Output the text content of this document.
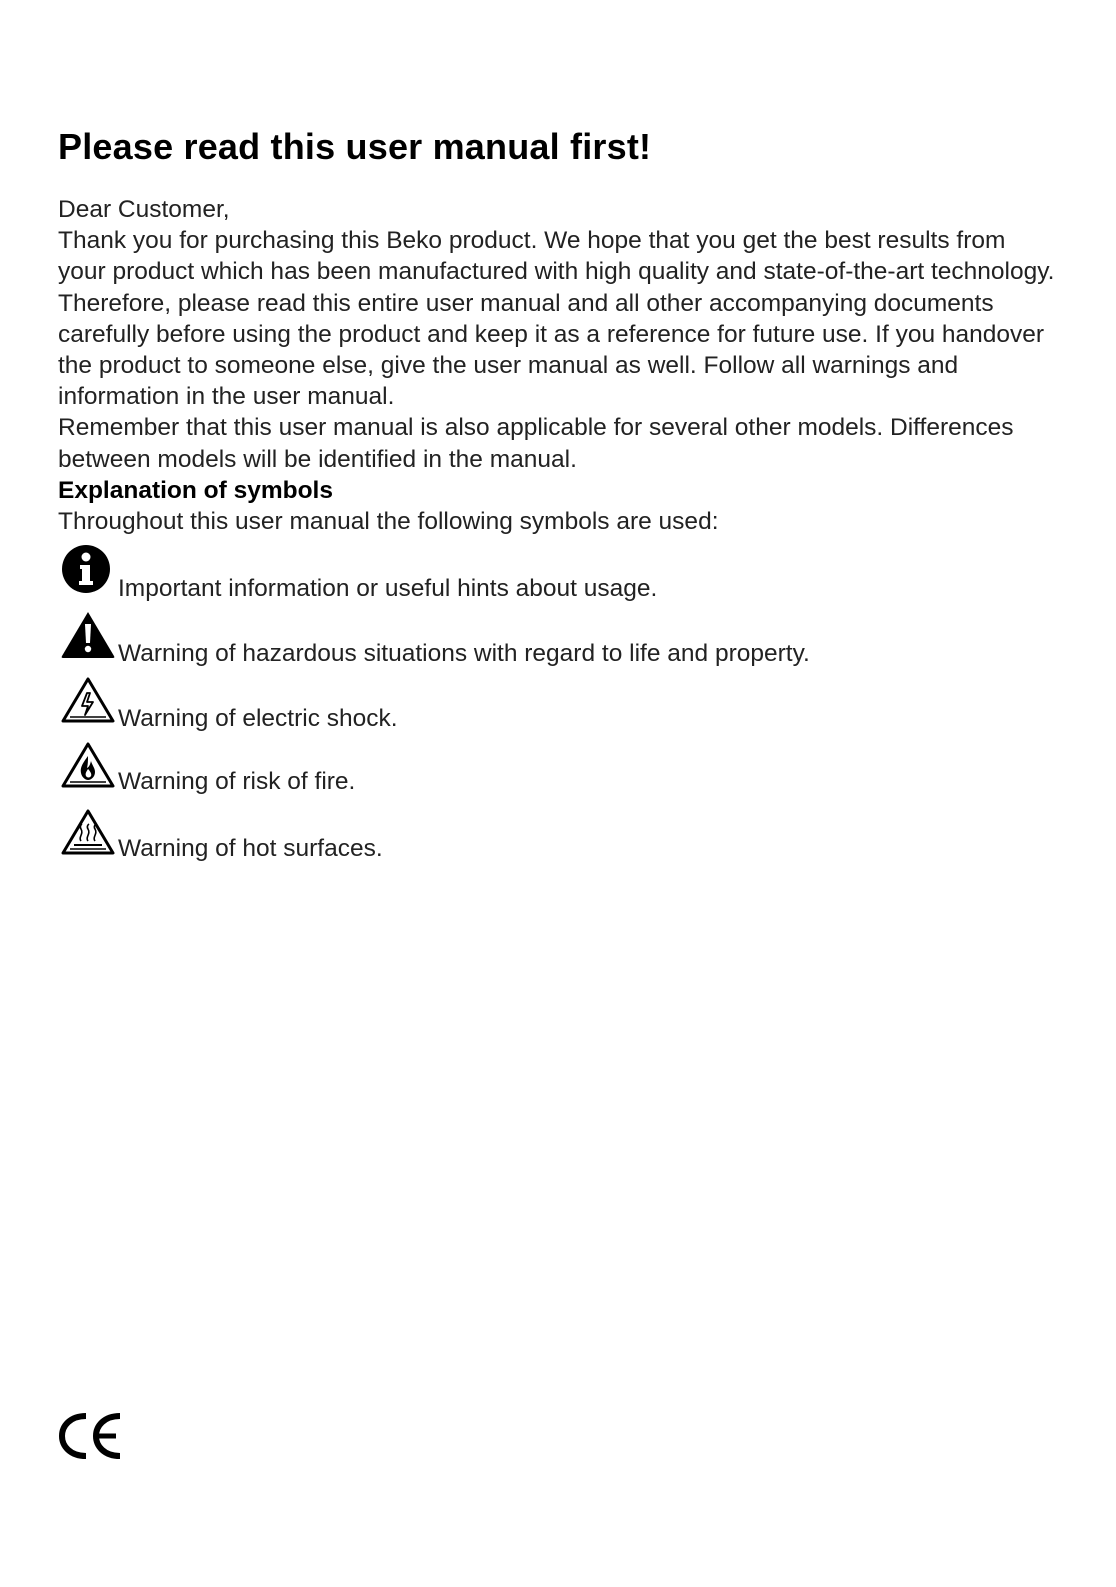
Please read this user manual first!

Dear Customer,

Thank you for purchasing this Beko product. We hope that you get the best results from your product which has been manufactured with high quality and state-of-the-art technology. Therefore, please read this entire user manual and all other accompanying documents carefully before using the product and keep it as a reference for future use. If you handover the product to someone else, give the user manual as well. Follow all warnings and information in the user manual.

Remember that this user manual is also applicable for several other models. Differences between models will be identified in the manual.

Explanation of symbols

Throughout this user manual the following symbols are used:

Important information or useful hints about usage.
Warning of hazardous situations with regard to life and property.
Warning of electric shock.
Warning of risk of fire.
Warning of hot surfaces.
